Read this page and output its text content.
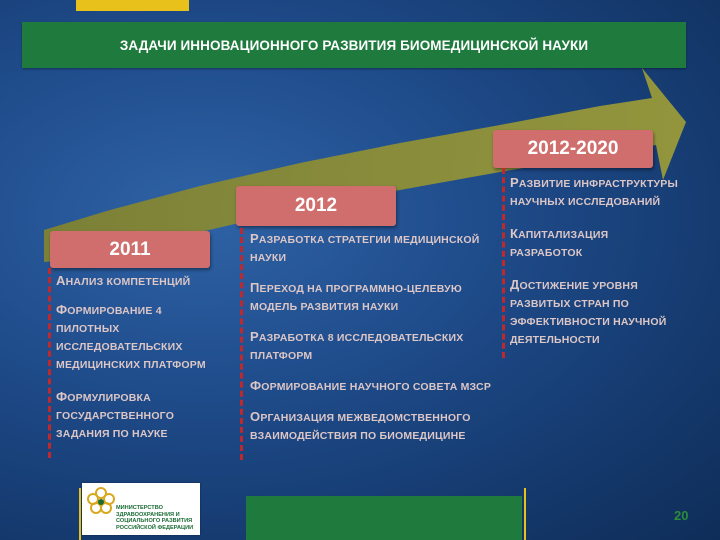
ЗАДАЧИ ИННОВАЦИОННОГО РАЗВИТИЯ БИОМЕДИЦИНСКОЙ НАУКИ
2011
2012
2012-2020

АНАЛИЗ КОМПЕТЕНЦИЙ

ФОРМИРОВАНИЕ 4 ПИЛОТНЫХ ИССЛЕДОВАТЕЛЬСКИХ МЕДИЦИНСКИХ ПЛАТФОРМ

ФОРМУЛИРОВКА ГОСУДАРСТВЕННОГО ЗАДАНИЯ ПО НАУКЕ

РАЗРАБОТКА СТРАТЕГИИ МЕДИЦИНСКОЙ НАУКИ

ПЕРЕХОД НА ПРОГРАММНО-ЦЕЛЕВУЮ МОДЕЛЬ РАЗВИТИЯ НАУКИ

РАЗРАБОТКА 8 ИССЛЕДОВАТЕЛЬСКИХ ПЛАТФОРМ

ФОРМИРОВАНИЕ НАУЧНОГО СОВЕТА МЗСР

ОРГАНИЗАЦИЯ МЕЖВЕДОМСТВЕННОГО ВЗАИМОДЕЙСТВИЯ ПО БИОМЕДИЦИНЕ

РАЗВИТИЕ ИНФРАСТРУКТУРЫ НАУЧНЫХ ИССЛЕДОВАНИЙ

КАПИТАЛИЗАЦИЯ РАЗРАБОТОК

ДОСТИЖЕНИЕ УРОВНЯ РАЗВИТЫХ СТРАН ПО ЭФФЕКТИВНОСТИ НАУЧНОЙ ДЕЯТЕЛЬНОСТИ

МИНИСТЕРСТВО ЗДРАВООХРАНЕНИЯ И СОЦИАЛЬНОГО РАЗВИТИЯ РОССИЙСКОЙ ФЕДЕРАЦИИ
20
